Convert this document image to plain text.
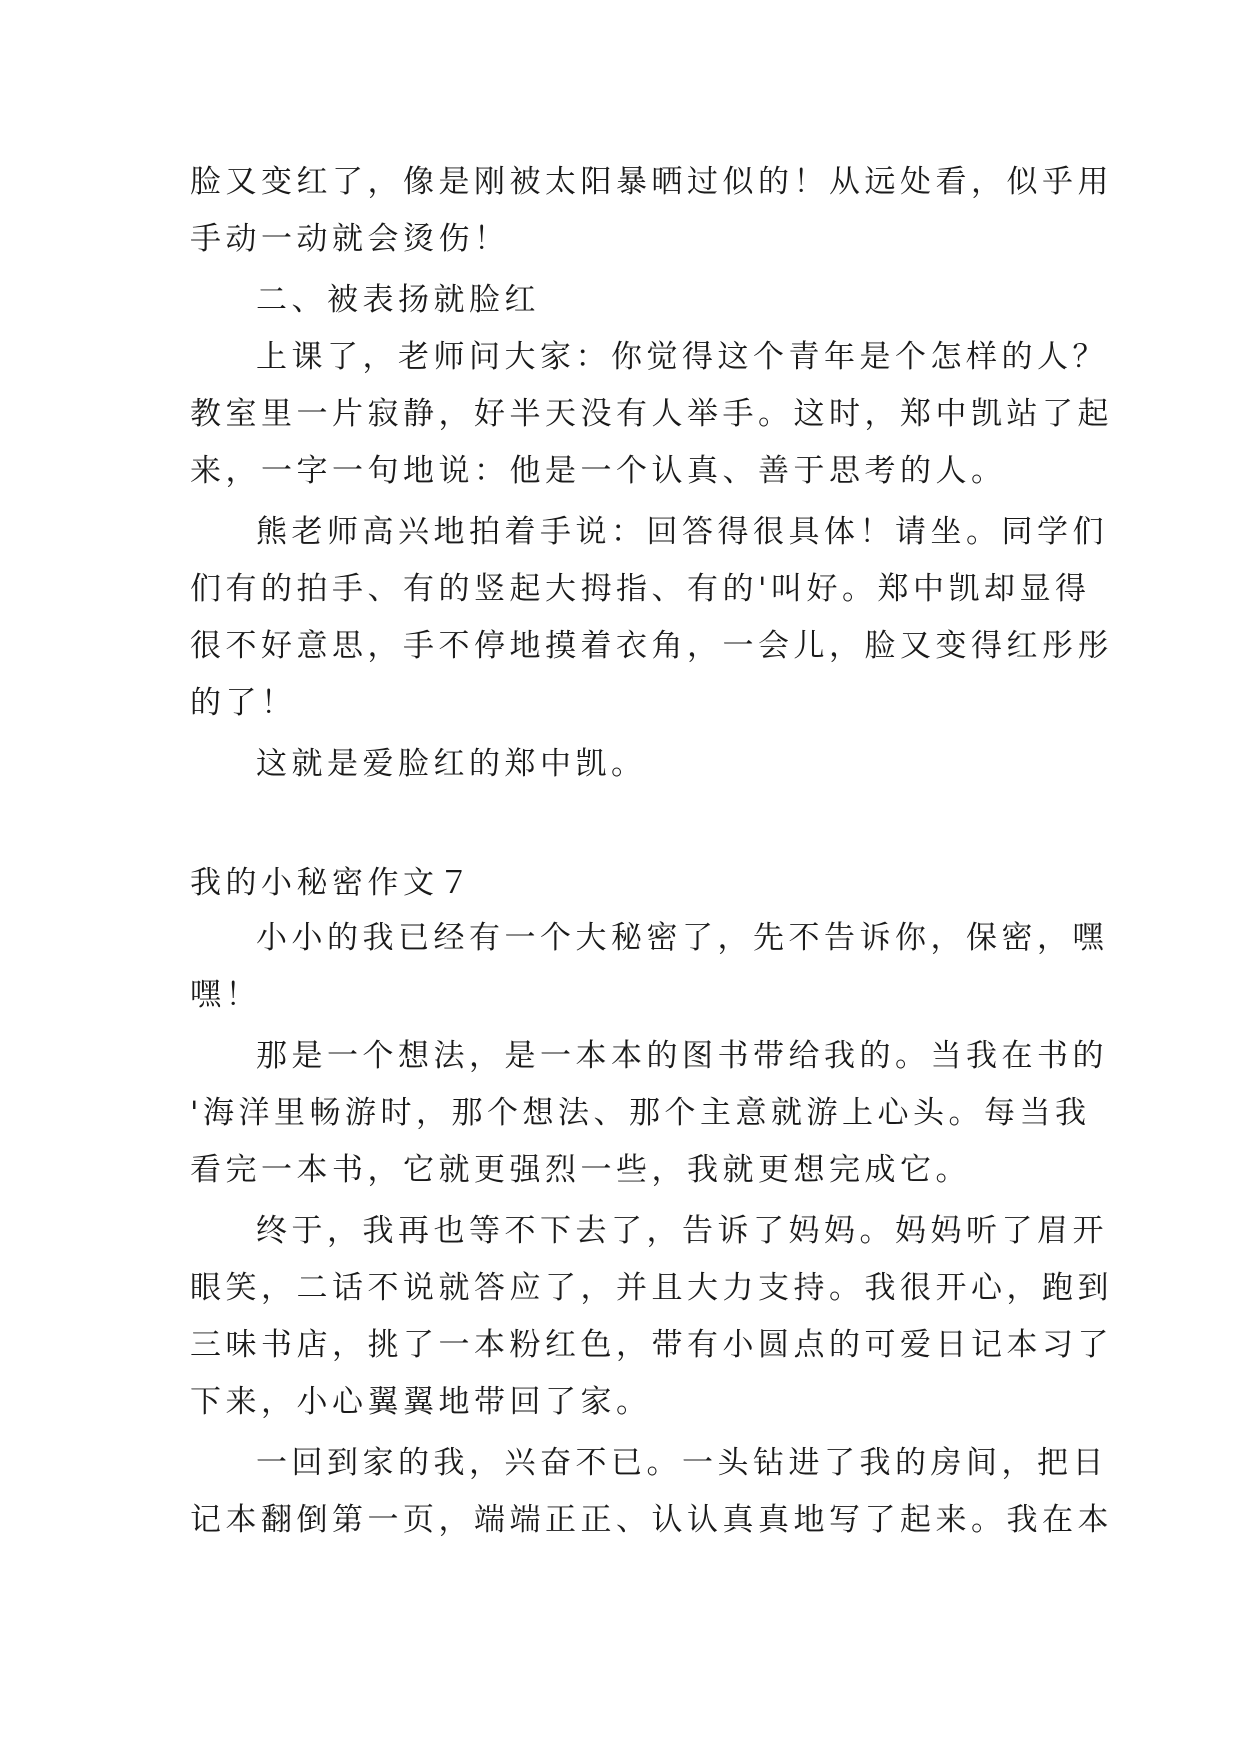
脸又变红了，像是刚被太阳暴晒过似的！从远处看，似乎用
手动一动就会烫伤！
二、被表扬就脸红
上课了，老师问大家：你觉得这个青年是个怎样的人？
教室里一片寂静，好半天没有人举手。这时，郑中凯站了起
来，一字一句地说：他是一个认真、善于思考的人。
熊老师高兴地拍着手说：回答得很具体！请坐。同学们
们有的拍手、有的竖起大拇指、有的'叫好。郑中凯却显得
很不好意思，手不停地摸着衣角，一会儿，脸又变得红彤彤
的了！
这就是爱脸红的郑中凯。
我的小秘密作文７
小小的我已经有一个大秘密了，先不告诉你，保密，嘿
嘿！
那是一个想法，是一本本的图书带给我的。当我在书的
'海洋里畅游时，那个想法、那个主意就游上心头。每当我
看完一本书，它就更强烈一些，我就更想完成它。
终于，我再也等不下去了，告诉了妈妈。妈妈听了眉开
眼笑，二话不说就答应了，并且大力支持。我很开心，跑到
三味书店，挑了一本粉红色，带有小圆点的可爱日记本习了
下来，小心翼翼地带回了家。
一回到家的我，兴奋不已。一头钻进了我的房间，把日
记本翻倒第一页，端端正正、认认真真地写了起来。我在本
